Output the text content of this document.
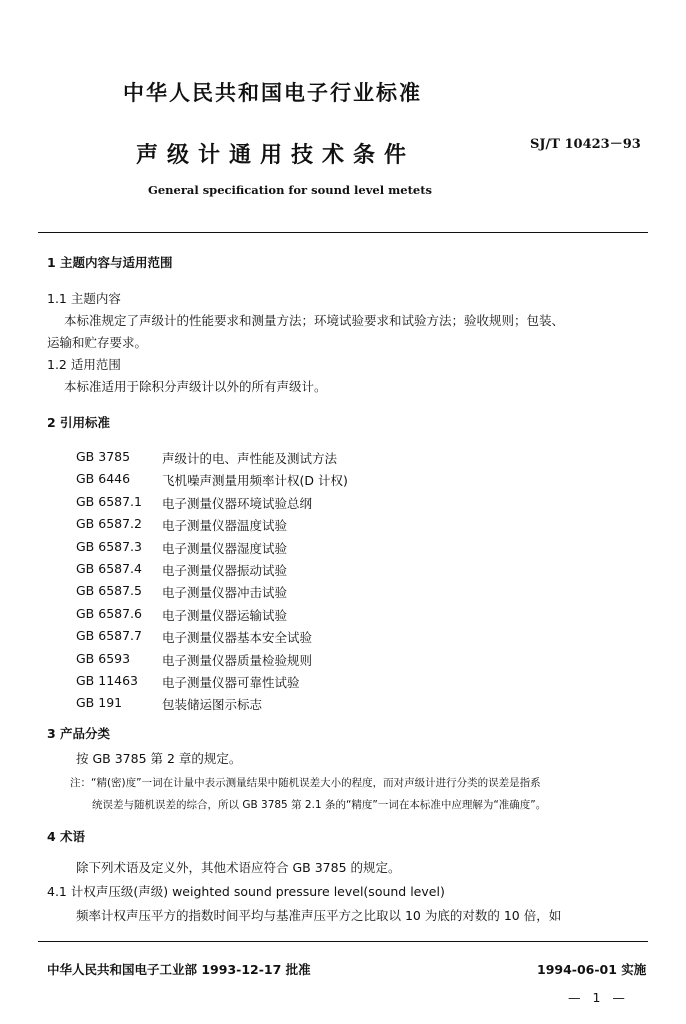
中华人民共和国电子行业标准
声级计通用技术条件	SJ/T 10423－93
General specification for sound level metets
1 主题内容与适用范围
1.1 主题内容
本标准规定了声级计的性能要求和测量方法；环境试验要求和试验方法；验收规则；包装、
运输和贮存要求。
1.2 适用范围
本标准适用于除积分声级计以外的所有声级计。
2 引用标准
GB 3785	声级计的电、声性能及测试方法
GB 6446	飞机噪声测量用频率计权(D 计权)
GB 6587.1 电子测量仪器环境试验总纲
GB 6587.2 电子测量仪器温度试验
GB 6587.3 电子测量仪器湿度试验
GB 6587.4 电子测量仪器振动试验
GB 6587.5 电子测量仪器冲击试验
GB 6587.6 电子测量仪器运输试验
GB 6587.7 电子测量仪器基本安全试验
GB 6593	电子测量仪器质量检验规则
GB 11463 电子测量仪器可靠性试验
GB 191	包装储运图示标志
3 产品分类
按 GB 3785 第 2 章的规定。
注：“精(密)度”一词在计量中表示测量结果中随机误差大小的程度，而对声级计进行分类的误差是指系
统误差与随机误差的综合，所以 GB 3785 第 2.1 条的“精度”一词在本标准中应理解为“准确度”。
4 术语
除下列术语及定义外，其他术语应符合 GB 3785 的规定。
4.1 计权声压级(声级) weighted sound pressure level(sound level)
频率计权声压平方的指数时间平均与基准声压平方之比取以 10 为底的对数的 10 倍，如
中华人民共和国电子工业部 1993-12-17 批准	1994-06-01 实施
— 1 —
